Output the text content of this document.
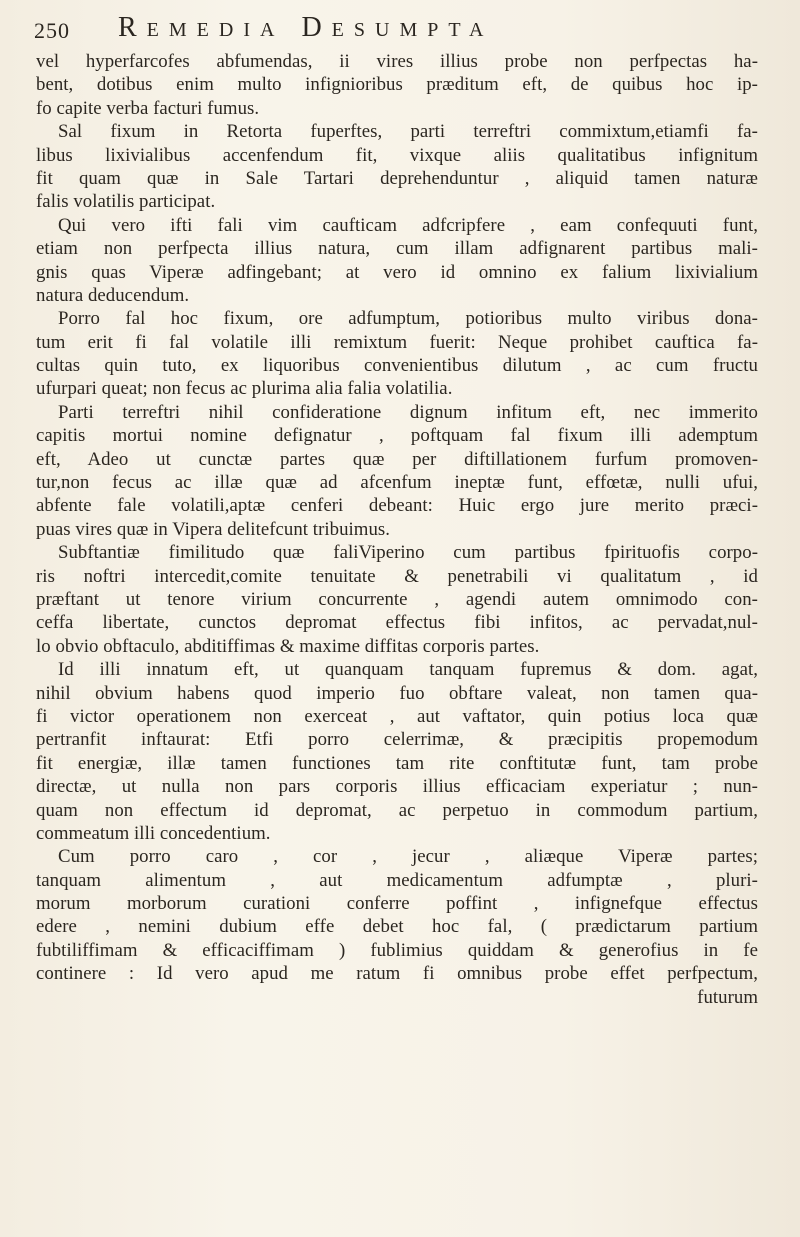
250 Remedia Desumpta
vel hyperfarcofes abfumendas, ii vires illius probe non perfpectas ha-
bent, dotibus enim multo infignioribus præditum eft, de quibus hoc ip-
fo capite verba facturi fumus.
Sal fixum in Retorta fuperftes, parti terreftri commixtum,etiamfi fa-
libus lixivialibus accenfendum fit, vixque aliis qualitatibus infignitum
fit quam quæ in Sale Tartari deprehenduntur , aliquid tamen naturæ
falis volatilis participat.
Qui vero ifti fali vim caufticam adfcripfere , eam confequuti funt,
etiam non perfpecta illius natura, cum illam adfignarent partibus mali-
gnis quas Viperæ adfingebant; at vero id omnino ex falium lixivialium
natura deducendum.
Porro fal hoc fixum, ore adfumptum, potioribus multo viribus dona-
tum erit fi fal volatile illi remixtum fuerit: Neque prohibet cauftica fa-
cultas quin tuto, ex liquoribus convenientibus dilutum , ac cum fructu
ufurpari queat; non fecus ac plurima alia falia volatilia.
Parti terreftri nihil confideratione dignum infitum eft, nec immerito
capitis mortui nomine defignatur , poftquam fal fixum illi ademptum
eft, Adeo ut cunctæ partes quæ per diftillationem furfum promoven-
tur,non fecus ac illæ quæ ad afcenfum ineptæ funt, effœtæ, nulli ufui,
abfente fale volatili,aptæ cenferi debeant: Huic ergo jure merito præci-
puas vires quæ in Vipera delitefcunt tribuimus.
Subftantiæ fimilitudo quæ faliViperino cum partibus fpirituofis corpo-
ris noftri intercedit,comite tenuitate & penetrabili vi qualitatum , id
præftant ut tenore virium concurrente , agendi autem omnimodo con-
ceffa libertate, cunctos depromat effectus fibi infitos, ac pervadat,nul-
lo obvio obftaculo, abditiffimas & maxime diffitas corporis partes.
Id illi innatum eft, ut quanquam tanquam fupremus & dom. agat,
nihil obvium habens quod imperio fuo obftare valeat, non tamen qua-
fi victor operationem non exerceat , aut vaftator, quin potius loca quæ
pertranfit inftaurat: Etfi porro celerrimæ, & præcipitis propemodum
fit energiæ, illæ tamen functiones tam rite conftitutæ funt, tam probe
directæ, ut nulla non pars corporis illius efficaciam experiatur ; nun-
quam non effectum id depromat, ac perpetuo in commodum partium,
commeatum illi concedentium.
Cum porro caro , cor , jecur , aliæque Viperæ partes;
tanquam alimentum , aut medicamentum adfumptæ , pluri-
morum morborum curationi conferre poffint , infignefque effectus
edere , nemini dubium effe debet hoc fal, ( prædictarum partium
fubtiliffimam & efficaciffimam ) fublimius quiddam & generofius in fe
continere : Id vero apud me ratum fi omnibus probe effet perfpectum,
futurum
